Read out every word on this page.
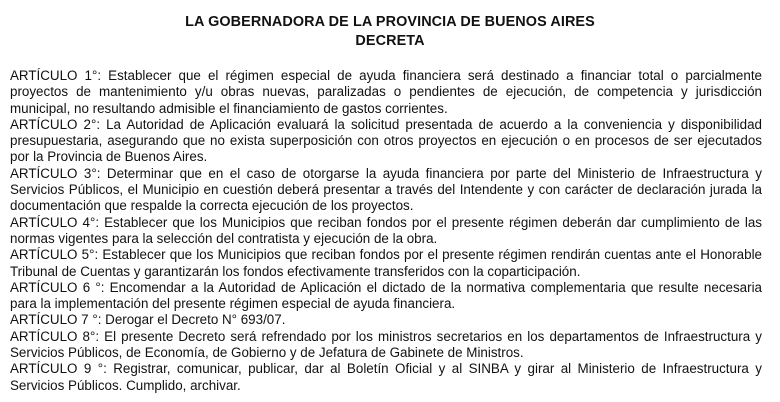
LA GOBERNADORA DE LA PROVINCIA DE BUENOS AIRES
DECRETA

ARTÍCULO 1°: Establecer que el régimen especial de ayuda financiera será destinado a financiar total o parcialmente proyectos de mantenimiento y/u obras nuevas, paralizadas o pendientes de ejecución, de competencia y jurisdicción municipal, no resultando admisible el financiamiento de gastos corrientes.

ARTÍCULO 2°: La Autoridad de Aplicación evaluará la solicitud presentada de acuerdo a la conveniencia y disponibilidad presupuestaria, asegurando que no exista superposición con otros proyectos en ejecución o en procesos de ser ejecutados por la Provincia de Buenos Aires.

ARTÍCULO 3°: Determinar que en el caso de otorgarse la ayuda financiera por parte del Ministerio de Infraestructura y Servicios Públicos, el Municipio en cuestión deberá presentar a través del Intendente y con carácter de declaración jurada la documentación que respalde la correcta ejecución de los proyectos.

ARTÍCULO 4°: Establecer que los Municipios que reciban fondos por el presente régimen deberán dar cumplimiento de las normas vigentes para la selección del contratista y ejecución de la obra.

ARTÍCULO 5°: Establecer que los Municipios que reciban fondos por el presente régimen rendirán cuentas ante el Honorable Tribunal de Cuentas y garantizarán los fondos efectivamente transferidos con la coparticipación.

ARTÍCULO 6 °: Encomendar a la Autoridad de Aplicación el dictado de la normativa complementaria que resulte necesaria para la implementación del presente régimen especial de ayuda financiera.

ARTÍCULO 7 °: Derogar el Decreto N° 693/07.

ARTÍCULO 8°: El presente Decreto será refrendado por los ministros secretarios en los departamentos de Infraestructura y Servicios Públicos, de Economía, de Gobierno y de Jefatura de Gabinete de Ministros.

ARTÍCULO 9 °: Registrar, comunicar, publicar, dar al Boletín Oficial y al SINBA y girar al Ministerio de Infraestructura y Servicios Públicos. Cumplido, archivar.
